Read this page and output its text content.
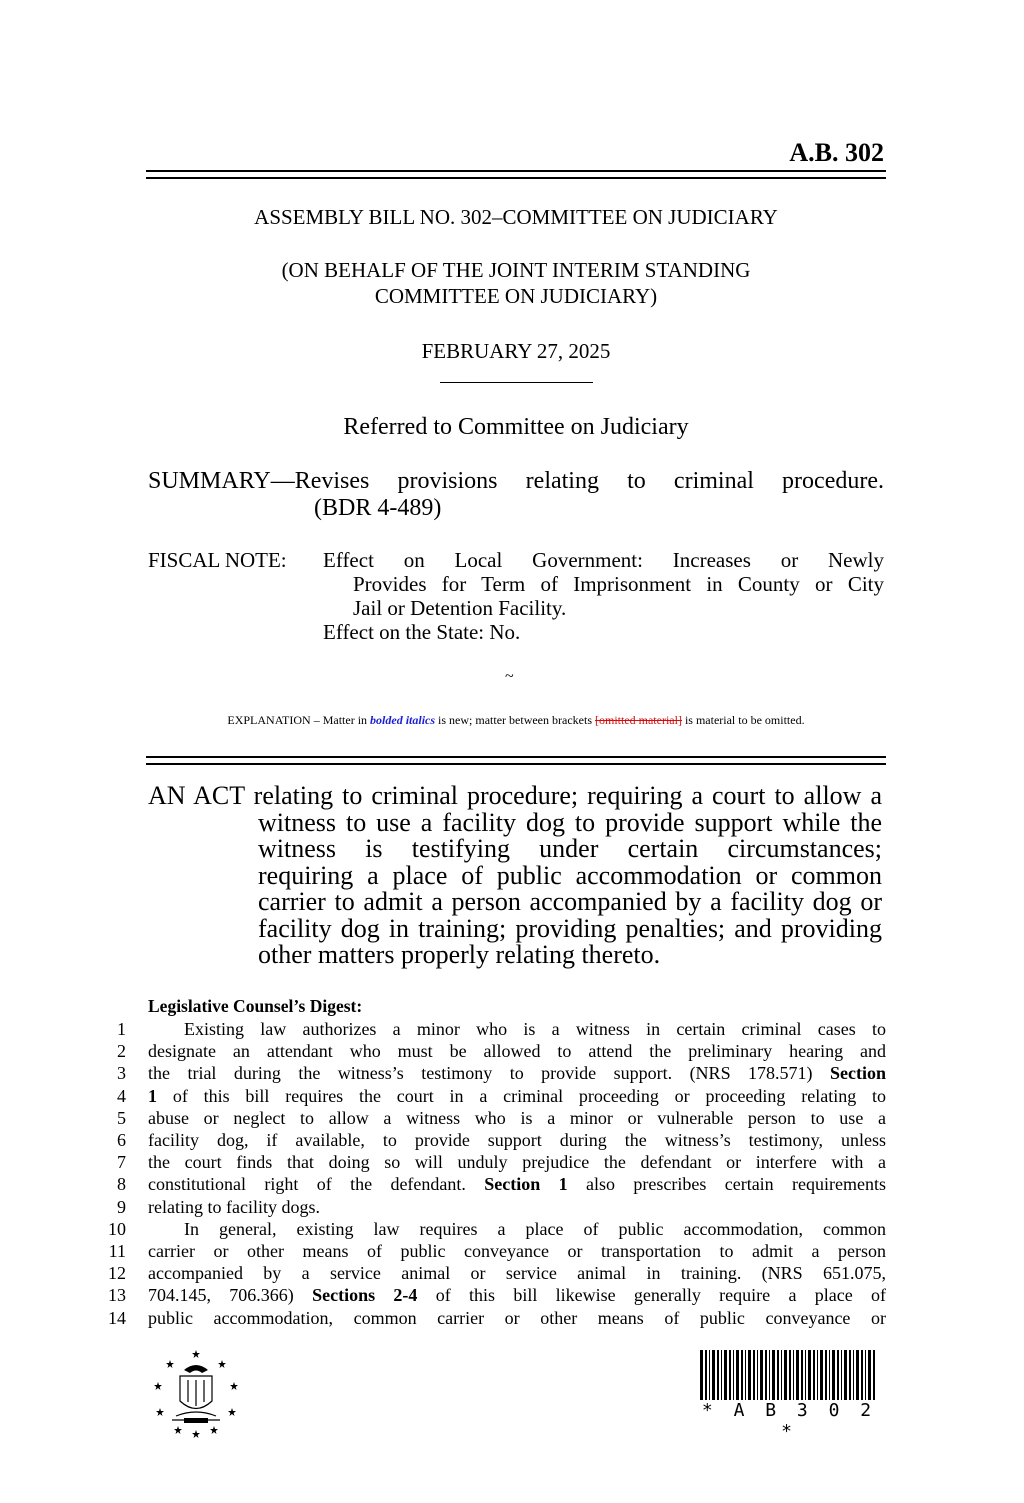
A.B. 302
ASSEMBLY BILL NO. 302–COMMITTEE ON JUDICIARY
(ON BEHALF OF THE JOINT INTERIM STANDING
COMMITTEE ON JUDICIARY)
FEBRUARY 27, 2025
Referred to Committee on Judiciary
SUMMARY—Revises provisions relating to criminal procedure.
(BDR 4-489)
FISCAL NOTE:	Effect on Local Government: Increases or Newly
Provides for Term of Imprisonment in County or City
Jail or Detention Facility.
Effect on the State: No.
~
EXPLANATION – Matter in bolded italics is new; matter between brackets [omitted material] is material to be omitted.
AN ACT relating to criminal procedure; requiring a court to allow a
witness to use a facility dog to provide support while the
witness is testifying under certain circumstances;
requiring a place of public accommodation or common
carrier to admit a person accompanied by a facility dog or
facility dog in training; providing penalties; and providing
other matters properly relating thereto.
Legislative Counsel’s Digest:
1	Existing law authorizes a minor who is a witness in certain criminal cases to
2 designate an attendant who must be allowed to attend the preliminary hearing and
3 the trial during the witness’s testimony to provide support. (NRS 178.571) Section
4 1 of this bill requires the court in a criminal proceeding or proceeding relating to
5 abuse or neglect to allow a witness who is a minor or vulnerable person to use a
6 facility dog, if available, to provide support during the witness’s testimony, unless
7 the court finds that doing so will unduly prejudice the defendant or interfere with a
8 constitutional right of the defendant. Section 1 also prescribes certain requirements
9 relating to facility dogs.
10	In general, existing law requires a place of public accommodation, common
11 carrier or other means of public conveyance or transportation to admit a person
12 accompanied by a service animal or service animal in training. (NRS 651.075,
13 704.145, 706.366) Sections 2-4 of this bill likewise generally require a place of
14 public accommodation, common carrier or other means of public conveyance or
* A B 3 0 2 *
